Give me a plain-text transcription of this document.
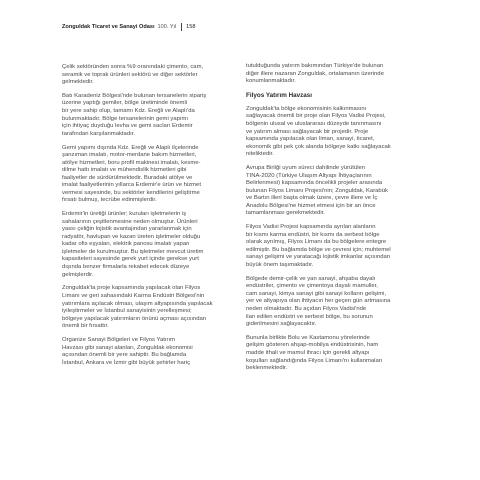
Zonguldak Ticaret ve Sanayi Odası 100. Yıl 158

Çelik sektöründen sonra %9 oranındaki çimento, cam,
seramik ve toprak ürünleri sektörü ve diğer sektörler
gelmektedir.

Batı Karadeniz Bölgesi'nde bulunan tersanelerin sipariş
üzerine yaptığı gemiler, bölge üretiminde önemli
bir yere sahip olup, tamamı Kdz. Ereğli ve Alaplı'da
bulunmaktadır. Bölge tersanelerinin gemi yapımı
için ihtiyaç duyduğu levha ve gemi sacları Erdemir
tarafından karşılanmaktadır.

Gemi yapımı dışında Kdz. Ereğli ve Alaplı ilçelerinde
şanzıman imalatı, motor-merdane bakım hizmetleri,
atölye hizmetleri, boru profil makinesi imalatı, kesme-
dilme hattı imalatı ve mühendislik hizmetleri gibi
faaliyetler de sürdürülmektedir. Buradaki atölye ve
imalat faaliyetlerinin yıllarca Erdemir'e ürün ve hizmet
vermesi sayesinde, bu sektörler kendilerini geliştirme
fırsatı bulmuş, tecrübe edinmişlerdir.

Erdemir'in üretiği ürünler; kuruları işletmelerin iş
sahalarının çeşitlenmesine neden olmuştur. Ürünleri
yassı çeliğin lojistik avantajından yararlanmak için
radyatör, havlupan ve kazan üreten işletmeler olduğu
kadar ofis eşyaları, elektrik panosu imalatı yapan
işletmeler de kurulmuştur. Bu işletmeler mevcut üretim
kapasiteleri sayesinde gerek yurt içinde gerekse yurt
dışında benzer firmalarla rekabet edecek düzeye
gelmişlerdir.

Zonguldak'ta proje kapsamında yapılacak olan Filyos
Limanı ve geri sahasındaki Karma Endüstri Bölgesi'nin
yatırımlara açılacak olması, ulaşım altyapısında yapılacak
iyileştirmeler ve İstanbul sanayisinin yerelleşmesi;
bölgeye yapılacak yatırımların önünü açması açısından
önemli bir fırsattır.

Organize Sanayi Bölgeleri ve Filyos Yatırım
Havzası gibi sanayi alanları, Zonguldak ekonomisi
açısından önemli bir yere sahiptir. Bu bağlamda
İstanbul, Ankara ve İzmir gibi büyük şehirler hariç

tutulduğunda yatırım bakımından Türkiye'de bulunan
diğer illere nazaran Zonguldak, ortalamanın üzerinde
konumlanmaktadır.

Filyos Yatırım Havzası

Zonguldak'ta bölge ekonomisinin kalkınmasını
sağlayacak önemli bir proje olan Filyos Vadisi Projesi,
bölgenin ulusal ve uluslararası düzeyde tanınmasını
ve yatırım alması sağlayacak bir projedir. Proje
kapsamında yapılacak olan liman, sanayi, ticaret,
ekonomik gibi pek çok alanda bölgeye katkı sağlayacak
niteliktedir.

Avrupa Birliği uyum süreci dahilinde yürütülen
TINA-2020 (Türkiye Ulaşım Altyapı İhtiyaçlarının
Belirlenmesi) kapsamında öncelikli projeler arasında
bulunan Filyos Limanı Projesi'nin; Zonguldak, Karabük
ve Bartın illeri başta olmak üzere, çevre illere ve İç
Anadolu Bölgesi'ne hizmet etmesi için bir an önce
tamamlanması gerekmektedir.

Filyos Vadisi Projesi kapsamında ayrılan alanların
bir kısmı karma endüstri, bir kısmı da serbest bölge
olarak ayrılmış, Filyos Limanı da bu bölgelere entegre
edilmiştir. Bu bağlamda bölge ve çevresi için; muhtemel
sanayi gelişimi ve yaratacağı lojistik imkanlar açısından
büyük önem taşımaktadır.

Bölgede demir-çelik ve yan sanayi, ahşaba dayalı
endüstriler, çimento ve çimentoya dayalı mamuller,
cam sanayi, kimya sanayi gibi sanayi kolların gelişimi,
yer ve altyapıya olan ihtiyacın her geçen gün artmasına
neden olmaktadır. Bu açıdan Filyos Vadisi'nde
ilan edilen endüstri ve serbest bölge, bu sorunun
giderilmesini sağlayacaktır.

Bununla birlikte Bolu ve Kastamonu yörelerinde
gelişim gösteren ahşap-mobilya endüstrisinin, ham
madde ithali ve mamul ihracı için gerekli altyapı
koşulları sağlandığında Filyos Limanı'nı kullanmaları
beklenmektedir.
